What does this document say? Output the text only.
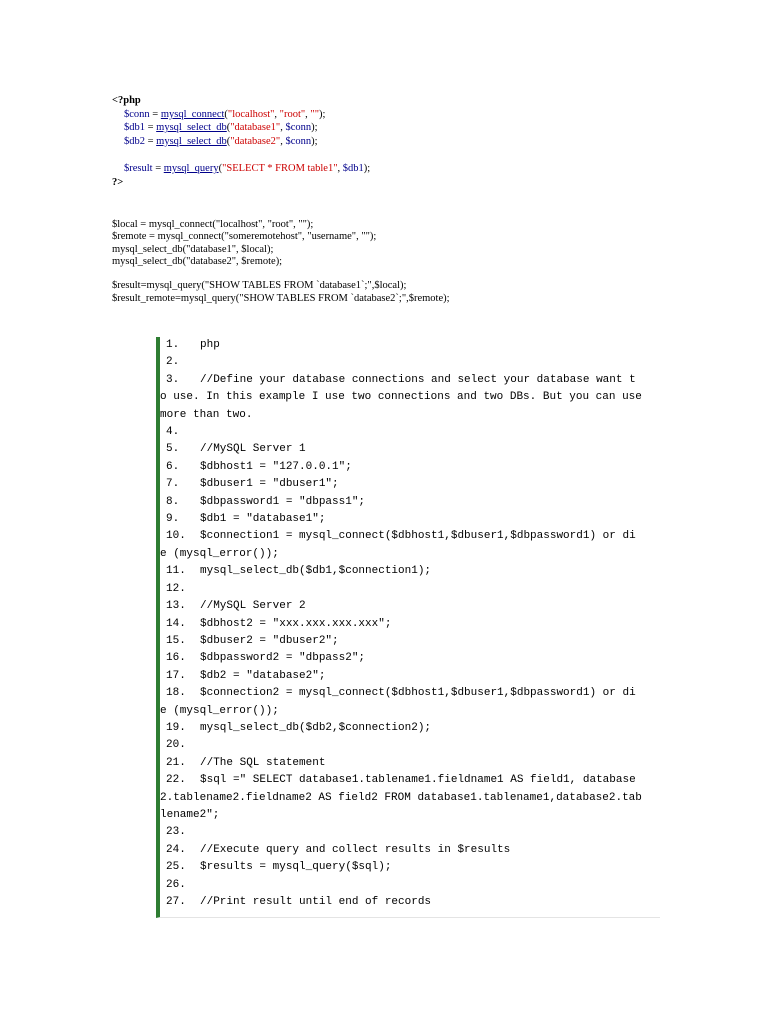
<?php
$conn = mysql_connect("localhost", "root", "");
$db1 = mysql_select_db("database1", $conn);
$db2 = mysql_select_db("database2", $conn);
$result = mysql_query("SELECT * FROM table1", $db1);
?>
$local = mysql_connect("localhost", "root", "");
$remote = mysql_connect("someremotehost", "username", "");
mysql_select_db("database1", $local);
mysql_select_db("database2", $remote);
$result=mysql_query("SHOW TABLES FROM `database1`;",$local);
$result_remote=mysql_query("SHOW TABLES FROM `database2`;",$remote);
1. php
2.
3. //Define your database connections and select your database want t
o use. In this example I use two connections and two DBs. But you can use
more than two.
4.
5. //MySQL Server 1
6. $dbhost1 = "127.0.0.1";
7. $dbuser1 = "dbuser1";
8. $dbpassword1 = "dbpass1";
9. $db1 = "database1";
10. $connection1 = mysql_connect($dbhost1,$dbuser1,$dbpassword1) or di
e (mysql_error());
11. mysql_select_db($db1,$connection1);
12.
13. //MySQL Server 2
14. $dbhost2 = "xxx.xxx.xxx.xxx";
15. $dbuser2 = "dbuser2";
16. $dbpassword2 = "dbpass2";
17. $db2 = "database2";
18. $connection2 = mysql_connect($dbhost1,$dbuser1,$dbpassword1) or di
e (mysql_error());
19. mysql_select_db($db2,$connection2);
20.
21. //The SQL statement
22. $sql =" SELECT database1.tablename1.fieldname1 AS field1, database
2.tablename2.fieldname2 AS field2 FROM database1.tablename1,database2.tab
lename2";
23.
24. //Execute query and collect results in $results
25. $results = mysql_query($sql);
26.
27. //Print result until end of records
